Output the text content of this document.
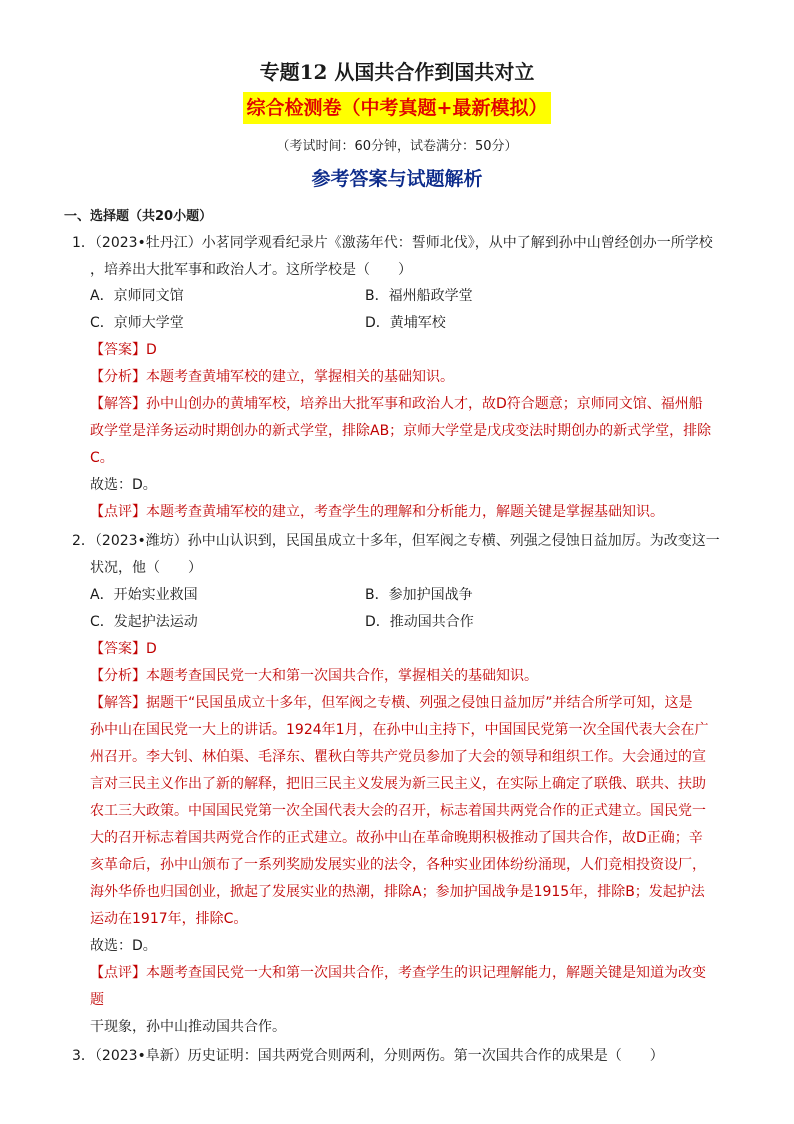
专题12 从国共合作到国共对立
综合检测卷（中考真题+最新模拟）
（考试时间：60分钟，试卷满分：50分）
参考答案与试题解析
一、选择题（共20小题）
1．（2023•牡丹江）小茗同学观看纪录片《激荡年代：誓师北伐》，从中了解到孙中山曾经创办一所学校
，培养出大批军事和政治人才。这所学校是（　　）
A．京师同文馆	B．福州船政学堂
C．京师大学堂	D．黄埔军校
【答案】D
【分析】本题考查黄埔军校的建立，掌握相关的基础知识。
【解答】孙中山创办的黄埔军校，培养出大批军事和政治人才，故D符合题意；京师同文馆、福州船
政学堂是洋务运动时期创办的新式学堂，排除AB；京师大学堂是戊戌变法时期创办的新式学堂，排除
C。
故选：D。
【点评】本题考查黄埔军校的建立，考查学生的理解和分析能力，解题关键是掌握基础知识。
2．（2023•潍坊）孙中山认识到，民国虽成立十多年，但军阀之专横、列强之侵蚀日益加厉。为改变这一
状况，他（　　）
A．开始实业救国	B．参加护国战争
C．发起护法运动	D．推动国共合作
【答案】D
【分析】本题考查国民党一大和第一次国共合作，掌握相关的基础知识。
【解答】据题干“民国虽成立十多年，但军阀之专横、列强之侵蚀日益加厉”并结合所学可知，这是
孙中山在国民党一大上的讲话。1924年1月，在孙中山主持下，中国国民党第一次全国代表大会在广
州召开。李大钊、林伯渠、毛泽东、瞿秋白等共产党员参加了大会的领导和组织工作。大会通过的宣
言对三民主义作出了新的解释，把旧三民主义发展为新三民主义，在实际上确定了联俄、联共、扶助
农工三大政策。中国国民党第一次全国代表大会的召开，标志着国共两党合作的正式建立。国民党一
大的召开标志着国共两党合作的正式建立。故孙中山在革命晚期积极推动了国共合作，故D正确；辛
亥革命后，孙中山颁布了一系列奖励发展实业的法令，各种实业团体纷纷涌现，人们竞相投资设厂，
海外华侨也归国创业，掀起了发展实业的热潮，排除A；参加护国战争是1915年，排除B；发起护法
运动在1917年，排除C。
故选：D。
【点评】本题考查国民党一大和第一次国共合作，考查学生的识记理解能力，解题关键是知道为改变
题
干现象，孙中山推动国共合作。
3．（2023•阜新）历史证明：国共两党合则两利，分则两伤。第一次国共合作的成果是（　　）
